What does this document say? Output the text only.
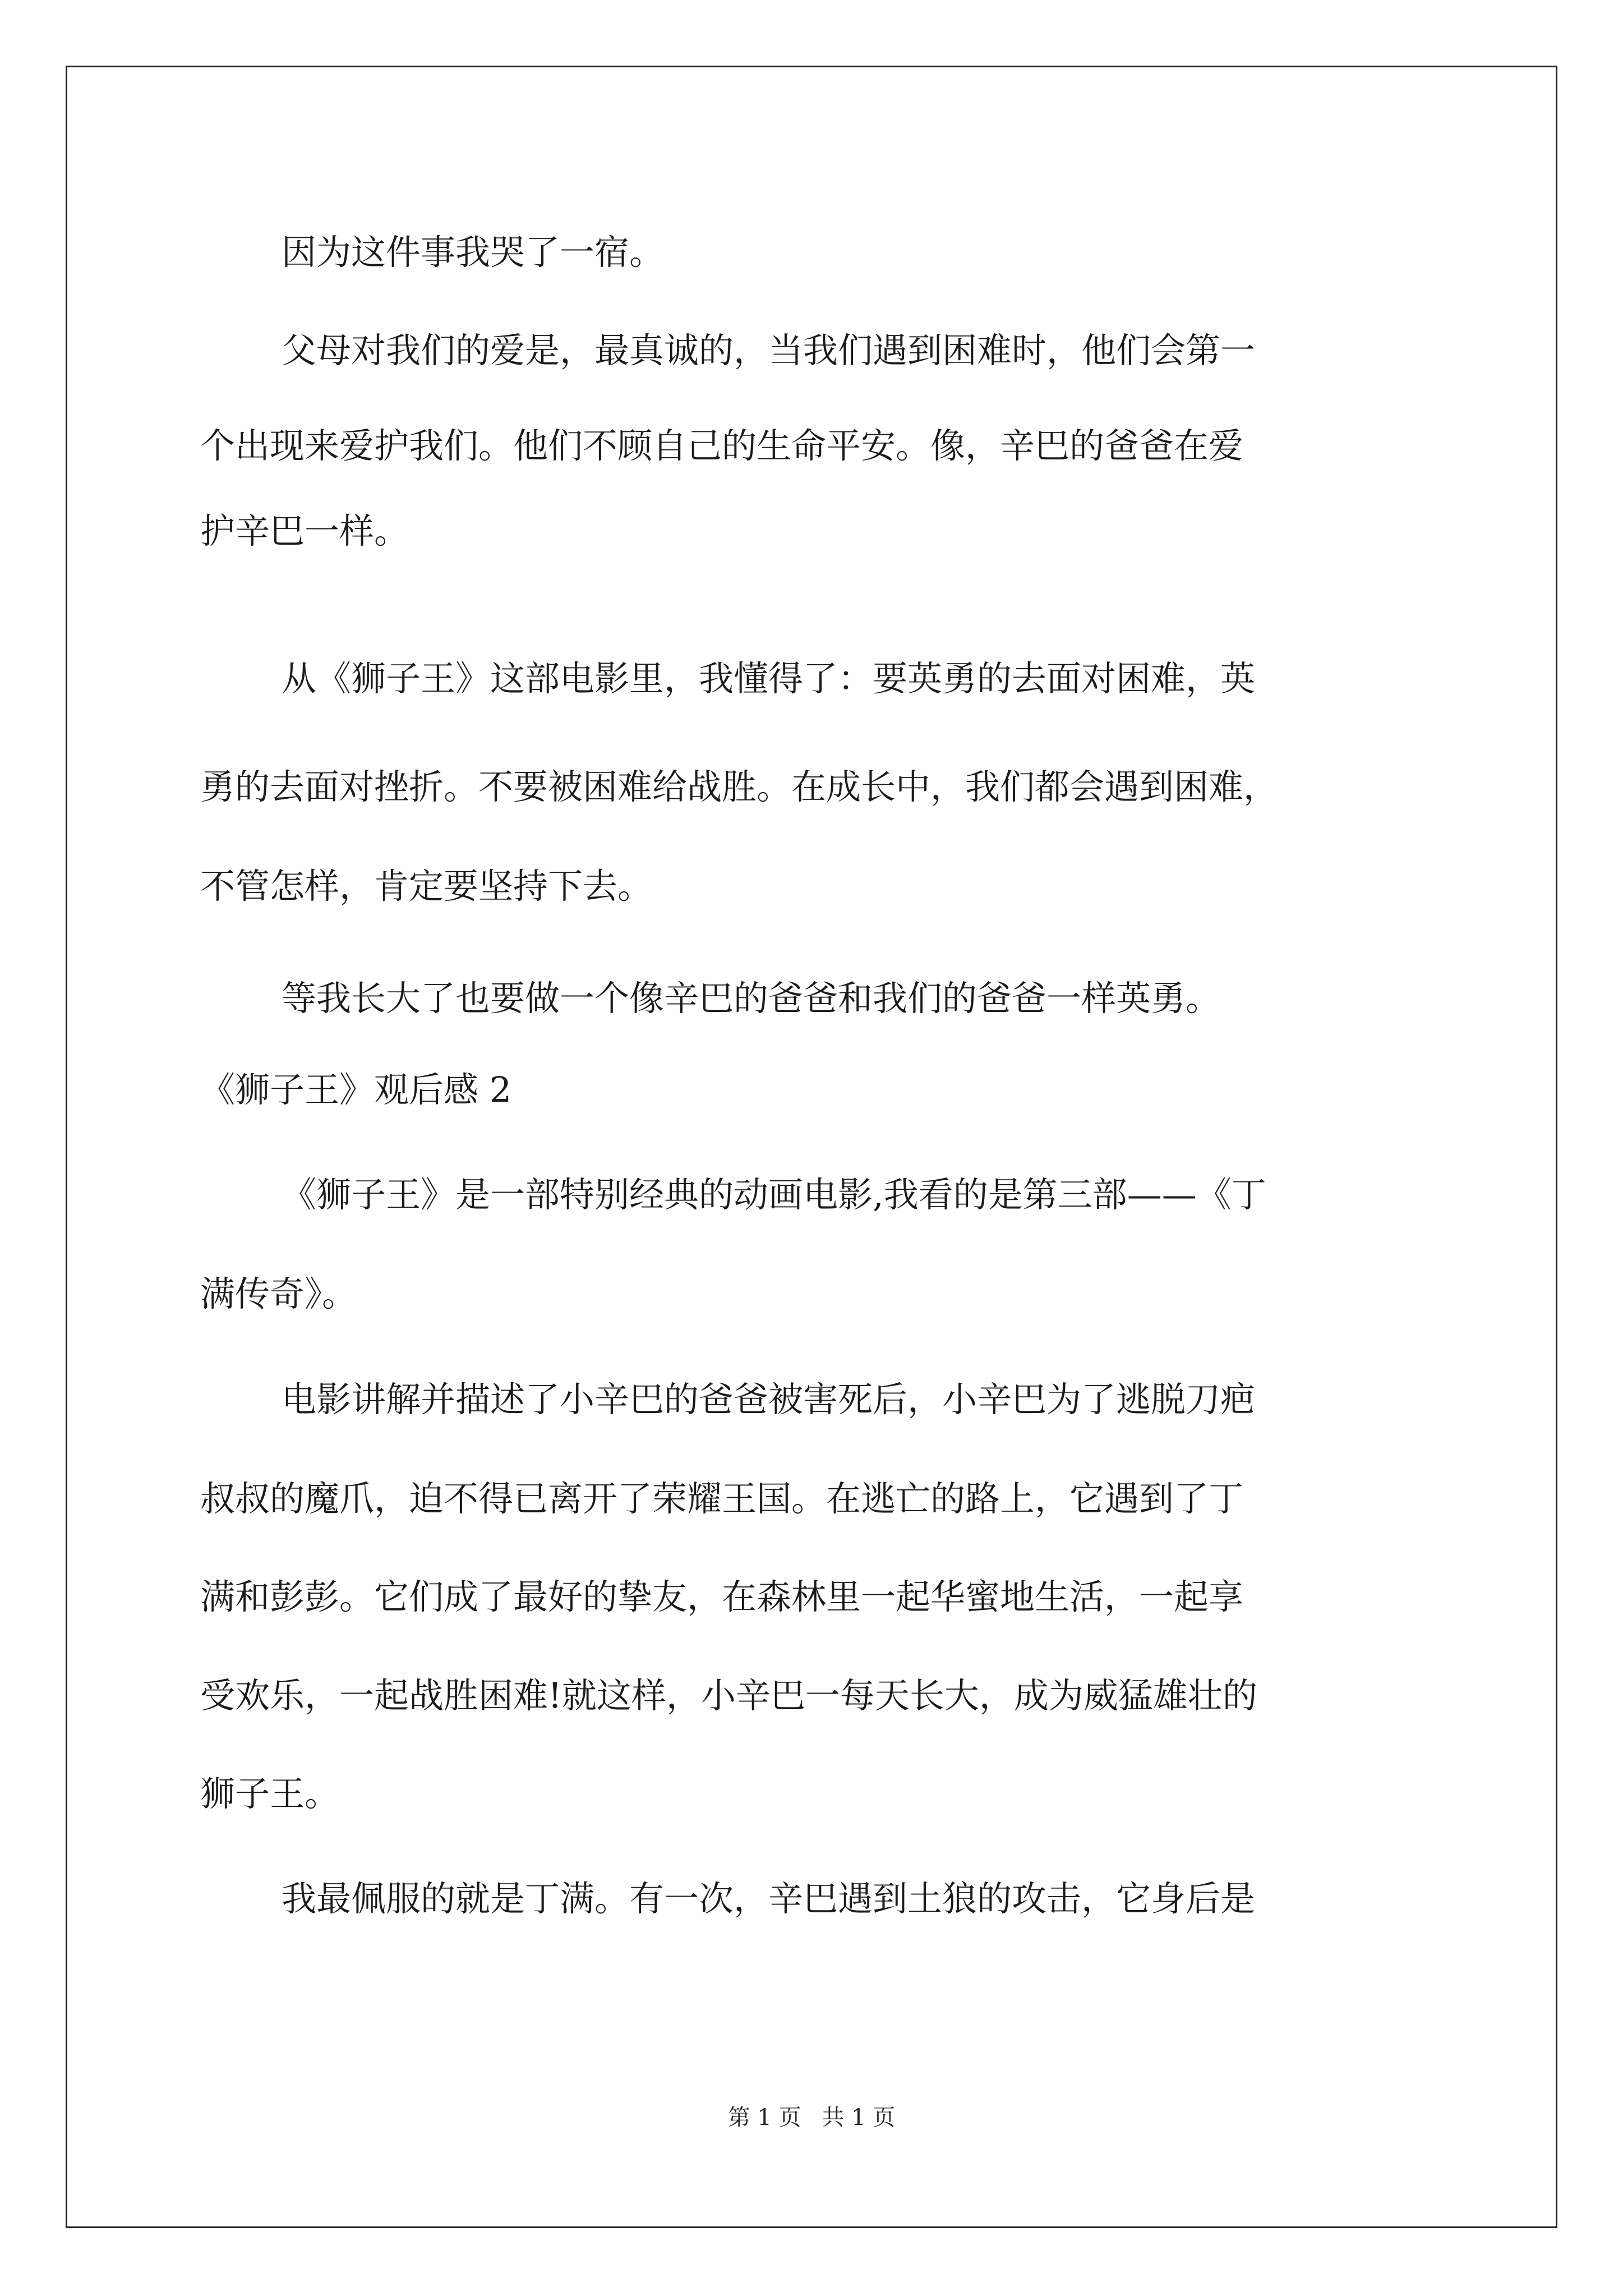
因为这件事我哭了一宿。
父母对我们的爱是，最真诚的，当我们遇到困难时，他们会第一
个出现来爱护我们。他们不顾自己的生命平安。像，辛巴的爸爸在爱
护辛巴一样。
从《狮子王》这部电影里，我懂得了：要英勇的去面对困难，英
勇的去面对挫折。不要被困难给战胜。在成长中，我们都会遇到困难，
不管怎样，肯定要坚持下去。
等我长大了也要做一个像辛巴的爸爸和我们的爸爸一样英勇。
《狮子王》观后感 2
《狮子王》是一部特别经典的动画电影,我看的是第三部——《丁
满传奇》。
电影讲解并描述了小辛巴的爸爸被害死后，小辛巴为了逃脱刀疤
叔叔的魔爪，迫不得已离开了荣耀王国。在逃亡的路上，它遇到了丁
满和彭彭。它们成了最好的挚友，在森林里一起华蜜地生活，一起享
受欢乐，一起战胜困难!就这样，小辛巴一每天长大，成为威猛雄壮的
狮子王。
我最佩服的就是丁满。有一次，辛巴遇到土狼的攻击，它身后是
第 1 页 共 1 页
